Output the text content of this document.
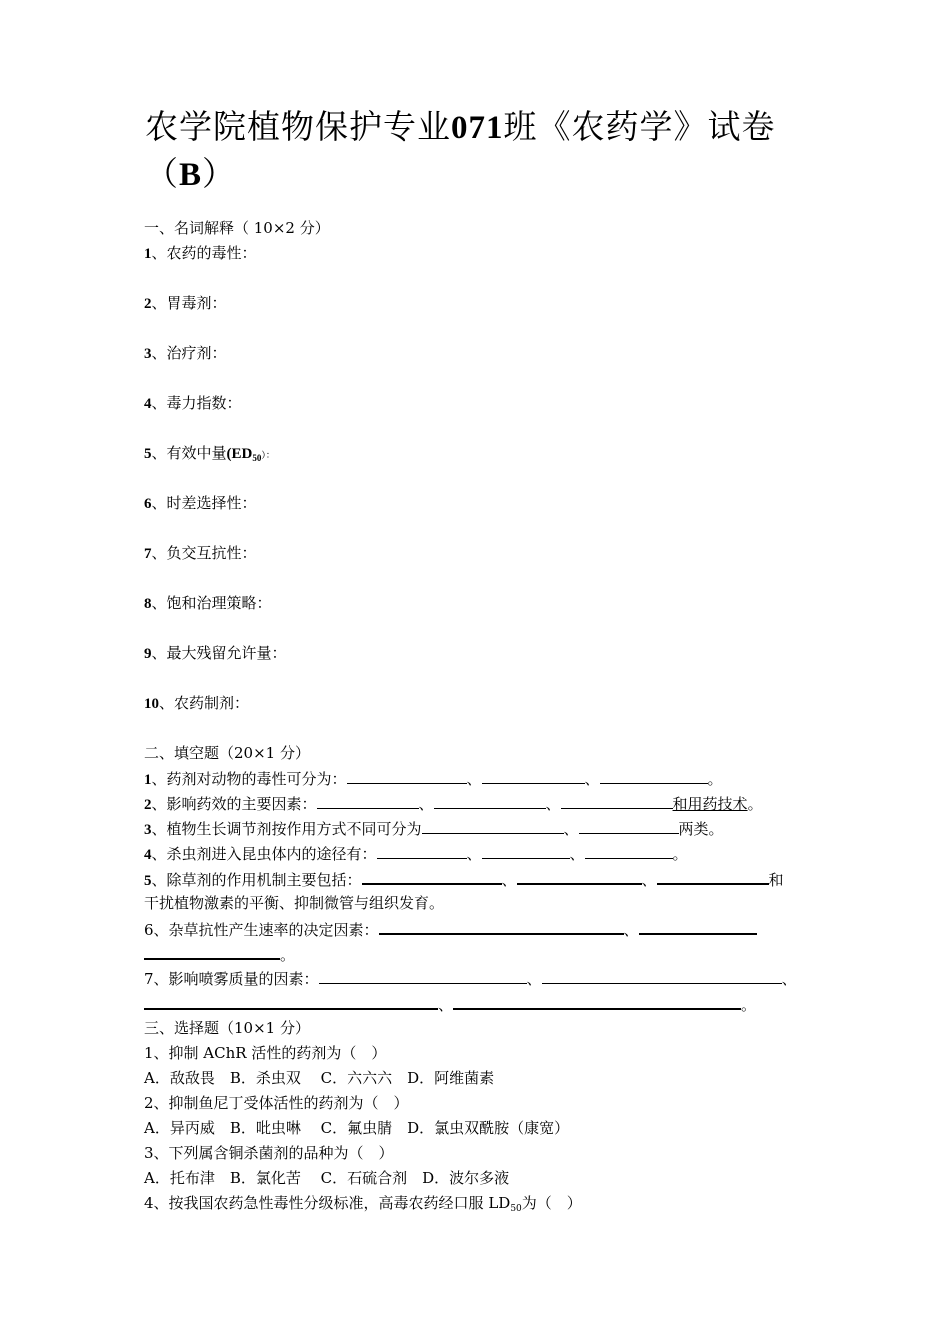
农学院植物保护专业071班《农药学》试卷
（B）
一、名词解释（ 10×2 分）
1、农药的毒性：
2、胃毒剂：
3、治疗剂：
4、毒力指数：
5、有效中量$(ED_{50})$：
6、时差选择性：
7、负交互抗性：
8、饱和治理策略：
9、最大残留允许量：
10、农药制剂：
二、填空题（20×1 分）
1、药剂对动物的毒性可分为：	、	、	。
2、影响药效的主要因素：	、	、	和用药技术。
3、植物生长调节剂按作用方式不同可分为	、	两类。
4、杀虫剂进入昆虫体内的途径有：	、	、	。
5、除草剂的作用机制主要包括：	、	、	和
干扰植物激素的平衡、抑制微管与组织发育。
6、杂草抗性产生速率的决定因素：	、
。
7、影响喷雾质量的因素：	、	、
、	。
三、选择题（10×1 分）
1、抑制 AChR 活性的药剂为（　）
A．敌敌畏　B．杀虫双　 C．六六六　D．阿维菌素
2、抑制鱼尼丁受体活性的药剂为（　）
A．异丙威　B．吡虫啉　 C．氟虫腈　D．氯虫双酰胺（康宽）
3、下列属含铜杀菌剂的品种为（　）
A．托布津　B．氯化苦　 C．石硫合剂　D．波尔多液
4、按我国农药急性毒性分级标准，高毒农药经口服 $LD_{50}$为（　）
